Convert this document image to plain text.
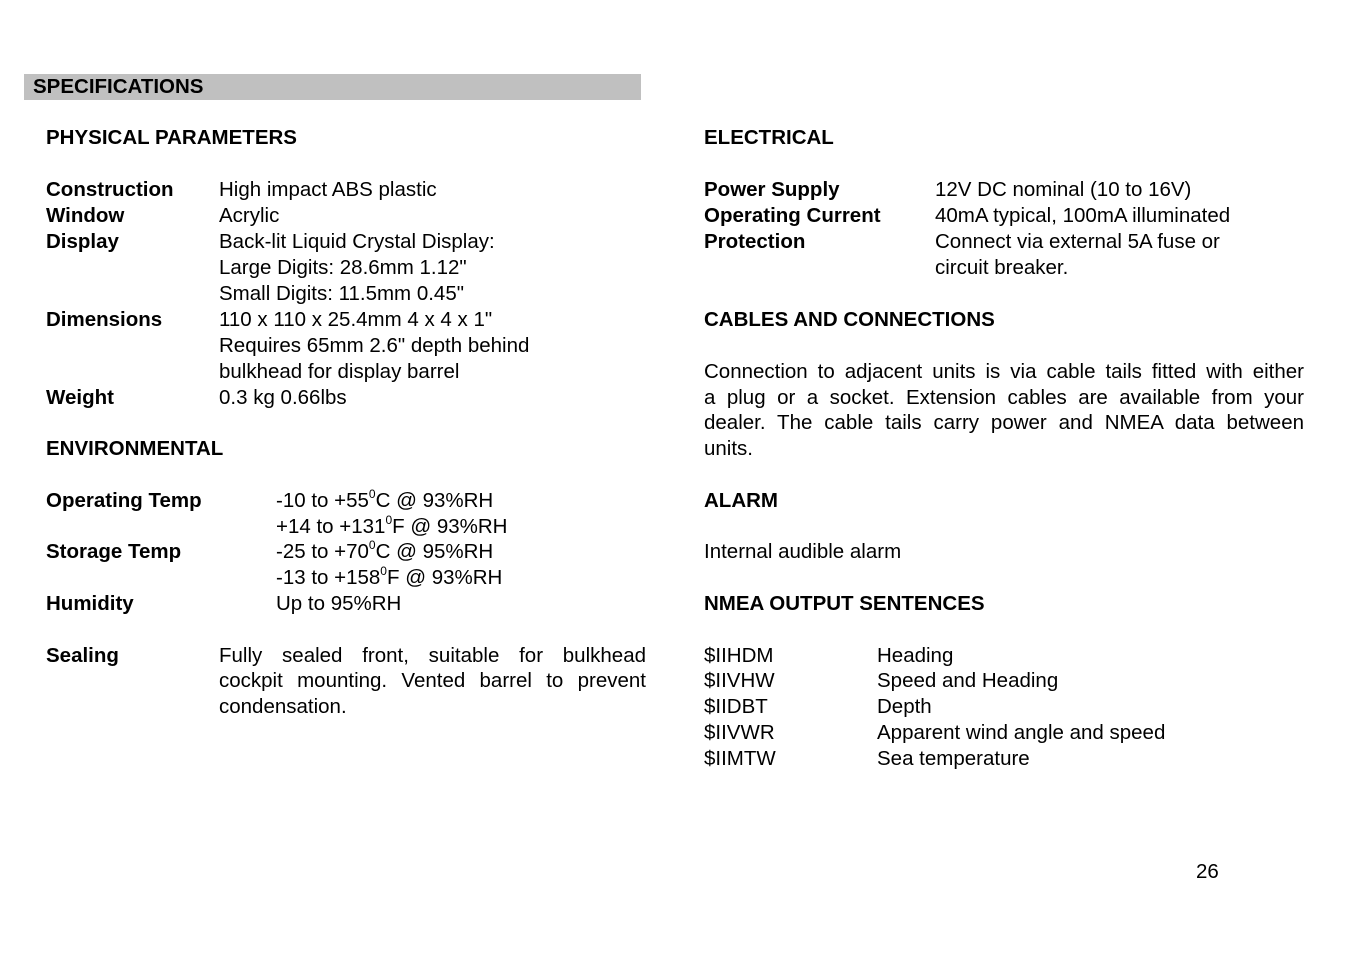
SPECIFICATIONS
PHYSICAL PARAMETERS
Construction High impact ABS plastic
Window	Acrylic
Display	Back-lit Liquid Crystal Display:
Large Digits: 28.6mm 1.12"
Small Digits: 11.5mm 0.45"
Dimensions	110 x 110 x 25.4mm 4 x 4 x 1"
Requires 65mm 2.6" depth behind
bulkhead for display barrel
Weight	0.3 kg 0.66lbs
ENVIRONMENTAL
Operating Temp	-10 to $+55^0C$ @ 93%RH
+14 to $+131^0F$ @ 93%RH
Storage Temp	-25 to $+70^0C$ @ 95%RH
-13 to $+158^0F$ @ 93%RH
Humidity	Up to 95%RH
Sealing	Fully sealed front, suitable for bulkhead
cockpit mounting. Vented barrel to prevent
condensation.
ELECTRICAL
Power Supply	12V DC nominal (10 to 16V)
Operating Current	40mA typical, 100mA illuminated
Protection	Connect via external 5A fuse or
circuit breaker.
CABLES AND CONNECTIONS
Connection to adjacent units is via cable tails fitted with either
a plug or a socket. Extension cables are available from your
dealer. The cable tails carry power and NMEA data between
units.
ALARM
Internal audible alarm
NMEA OUTPUT SENTENCES
$IIHDM	Heading
$IIVHW	Speed and Heading
$IIDBT	Depth
$IIVWR	Apparent wind angle and speed
$IIMTW	Sea temperature
26
